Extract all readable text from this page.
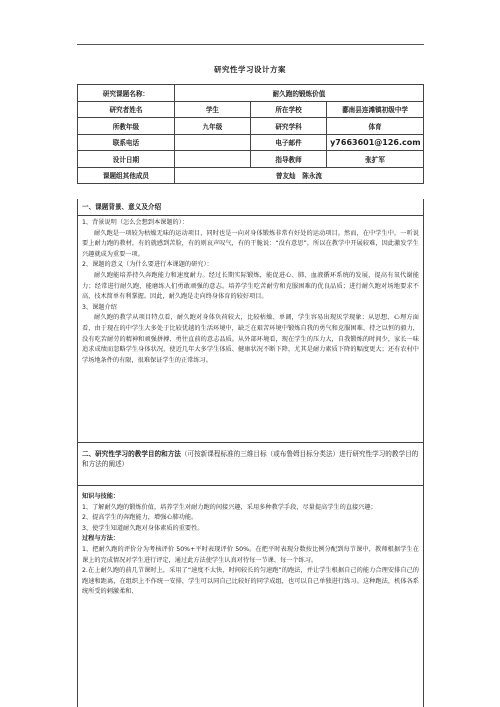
研究性学习设计方案
研究课题名称：	耐久跑的锻炼价值		
研究者姓名	学生	所在学校	鄱南县连滩镇初级中学
所教年级	九年级	研究学科	体育
联系电话		电子邮件	y7663601@126.com
设计日期		指导教师	张扩军
课题组其他成员	曾友灿　陈永流		
一、课题背景、意义及介绍

1、背景说明（怎么会想到本课题的）：

耐久跑是一项较为枯燥无味的运动项目，同时也是一向对身体锻炼非常有好处的运动项目。然而，在中学生中，一听说要上耐力跑的教材，有的就感到苦脸，有的则哀声叹气，有的干脆说：“没有意思”。所以在教学中开展较难，因此激发学生兴趣就成为重要一项。

2、课题的意义（为什么要进行本课题的研究）：

耐久跑能培养持久奔跑能力和速度耐力。经过长期实际锻炼，能促进心、肺、血液循环系统的发展，提高有氧代谢能力；经常进行耐久跑，能磨练人们勇敢顽强的意志。培养学生吃苦耐劳和克服困难的优良品质；进行耐久跑对场地要求不高，技术简单有利掌握。因此，耐久跑是走向终身体育的较好项目。

3、课题介绍

耐久跑的教学从项目特点看，耐久跑对身体负荷较大，比较枯燥、单调，学生容易出现厌学现象；从思想、心理方面看，由于现在的中学生大多处于比较优越的生活环境中，缺乏在艰苦环境中锻炼自我的勇气和克服困难、持之以恒的毅力，没有吃苦耐劳的精神和顽强拼搏、勇往直前的意志品质。从外部环境看，现在学生的压力大，自我锻炼的时间少，家长一味追求成绩而忽略学生身体状况，使近几年大多学生体质、健康状况不断下降，尤其是耐力素质下降的幅度更大；还有农村中学场地条件的有限，很难保证学生的正常练习。

二、研究性学习的教学目的和方法（可按新课程标准的三维目标（或布鲁姆目标分类法）进行研究性学习的教学目的和方法的阐述）

知识与技能：

1、了解耐久跑的锻炼价值，培养学生对耐力跑的间接兴趣，采用多种教学手段，尽量提高学生的直接兴趣；

2、提高学生的奔跑能力，增强心肺功能。

3、使学生知道耐久跑对身体素质的重要性。

过程与方法：

1、把耐久跑的评价分为考核评价 50%+平时表现评价 50%。在把平时表现分数按比例分配到每节课中，教师根据学生在课上的完成情况对学生进行评定，通过此方法使学生认真对待每一节课、每一个练习。

2.在上耐久跑的前几节课时上，采用了“速度不太快，时间较长的匀速跑”的跑法，并让学生根据自己的能力合理安排自己的跑速和距离，在组织上不作统一安排，学生可以同自己比较好的同学成组，也可以自己单独进行练习。这种跑法，机体各系统所受的刺激柔和、
